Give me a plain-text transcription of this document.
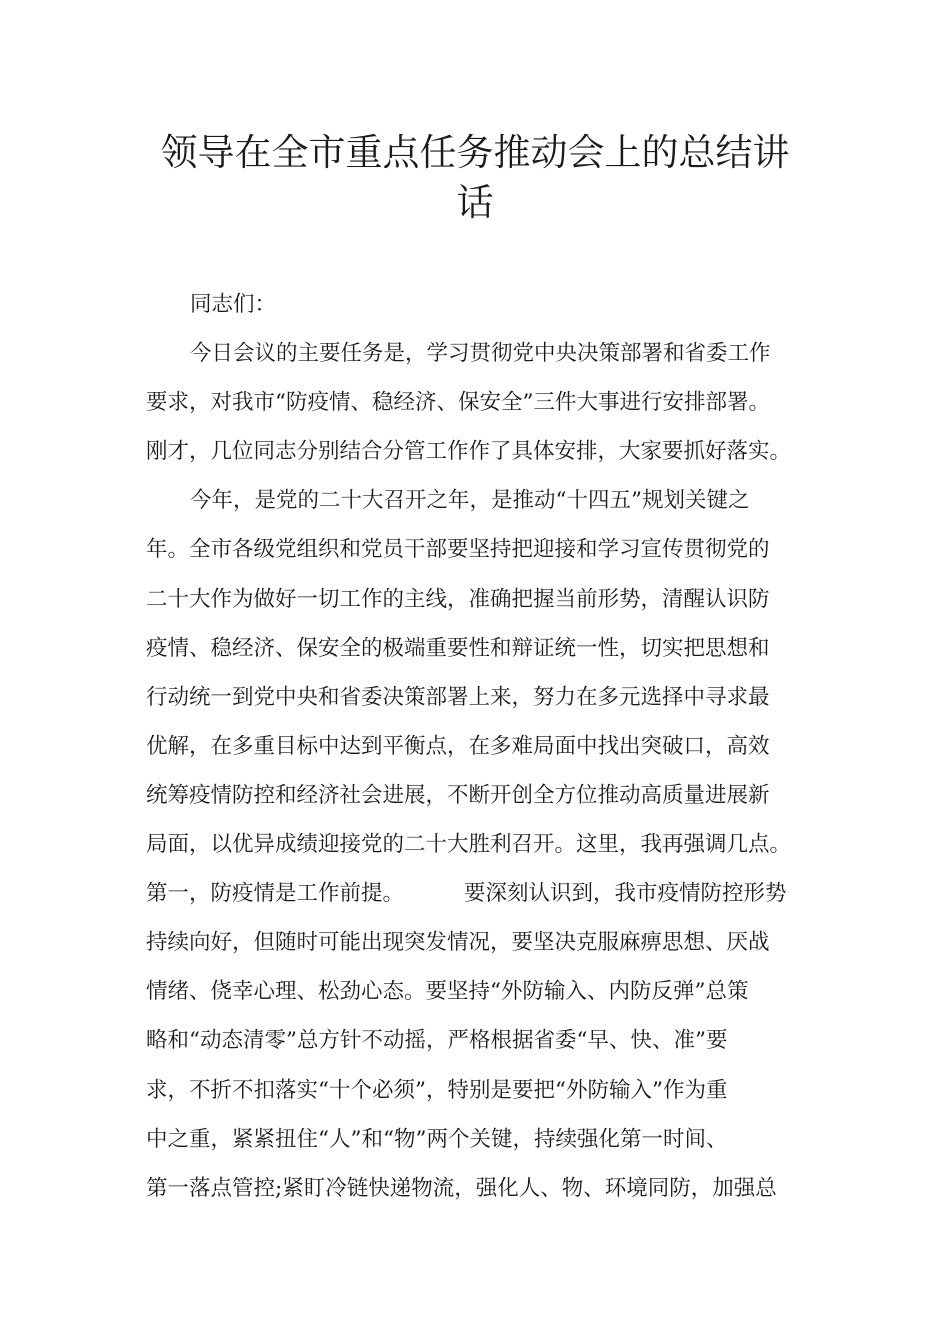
领导在全市重点任务推动会上的总结讲
话
同志们：
今日会议的主要任务是，学习贯彻党中央决策部署和省委工作
要求，对我市“防疫情、稳经济、保安全”三件大事进行安排部署。
刚才，几位同志分别结合分管工作作了具体安排，大家要抓好落实。
今年，是党的二十大召开之年，是推动“十四五”规划关键之
年。全市各级党组织和党员干部要坚持把迎接和学习宣传贯彻党的
二十大作为做好一切工作的主线，准确把握当前形势，清醒认识防
疫情、稳经济、保安全的极端重要性和辩证统一性，切实把思想和
行动统一到党中央和省委决策部署上来，努力在多元选择中寻求最
优解，在多重目标中达到平衡点，在多难局面中找出突破口，高效
统筹疫情防控和经济社会进展，不断开创全方位推动高质量进展新
局面，以优异成绩迎接党的二十大胜利召开。这里，我再强调几点。
第一，防疫情是工作前提。	要深刻认识到，我市疫情防控形势
持续向好，但随时可能出现突发情况，要坚决克服麻痹思想、厌战
情绪、侥幸心理、松劲心态。要坚持“外防输入、内防反弹”总策
略和“动态清零”总方针不动摇，严格根据省委“早、快、准”要
求，不折不扣落实“十个必须”，特别是要把“外防输入”作为重
中之重，紧紧扭住“人”和“物”两个关键，持续强化第一时间、
第一落点管控;紧盯冷链快递物流，强化人、物、环境同防，加强总
